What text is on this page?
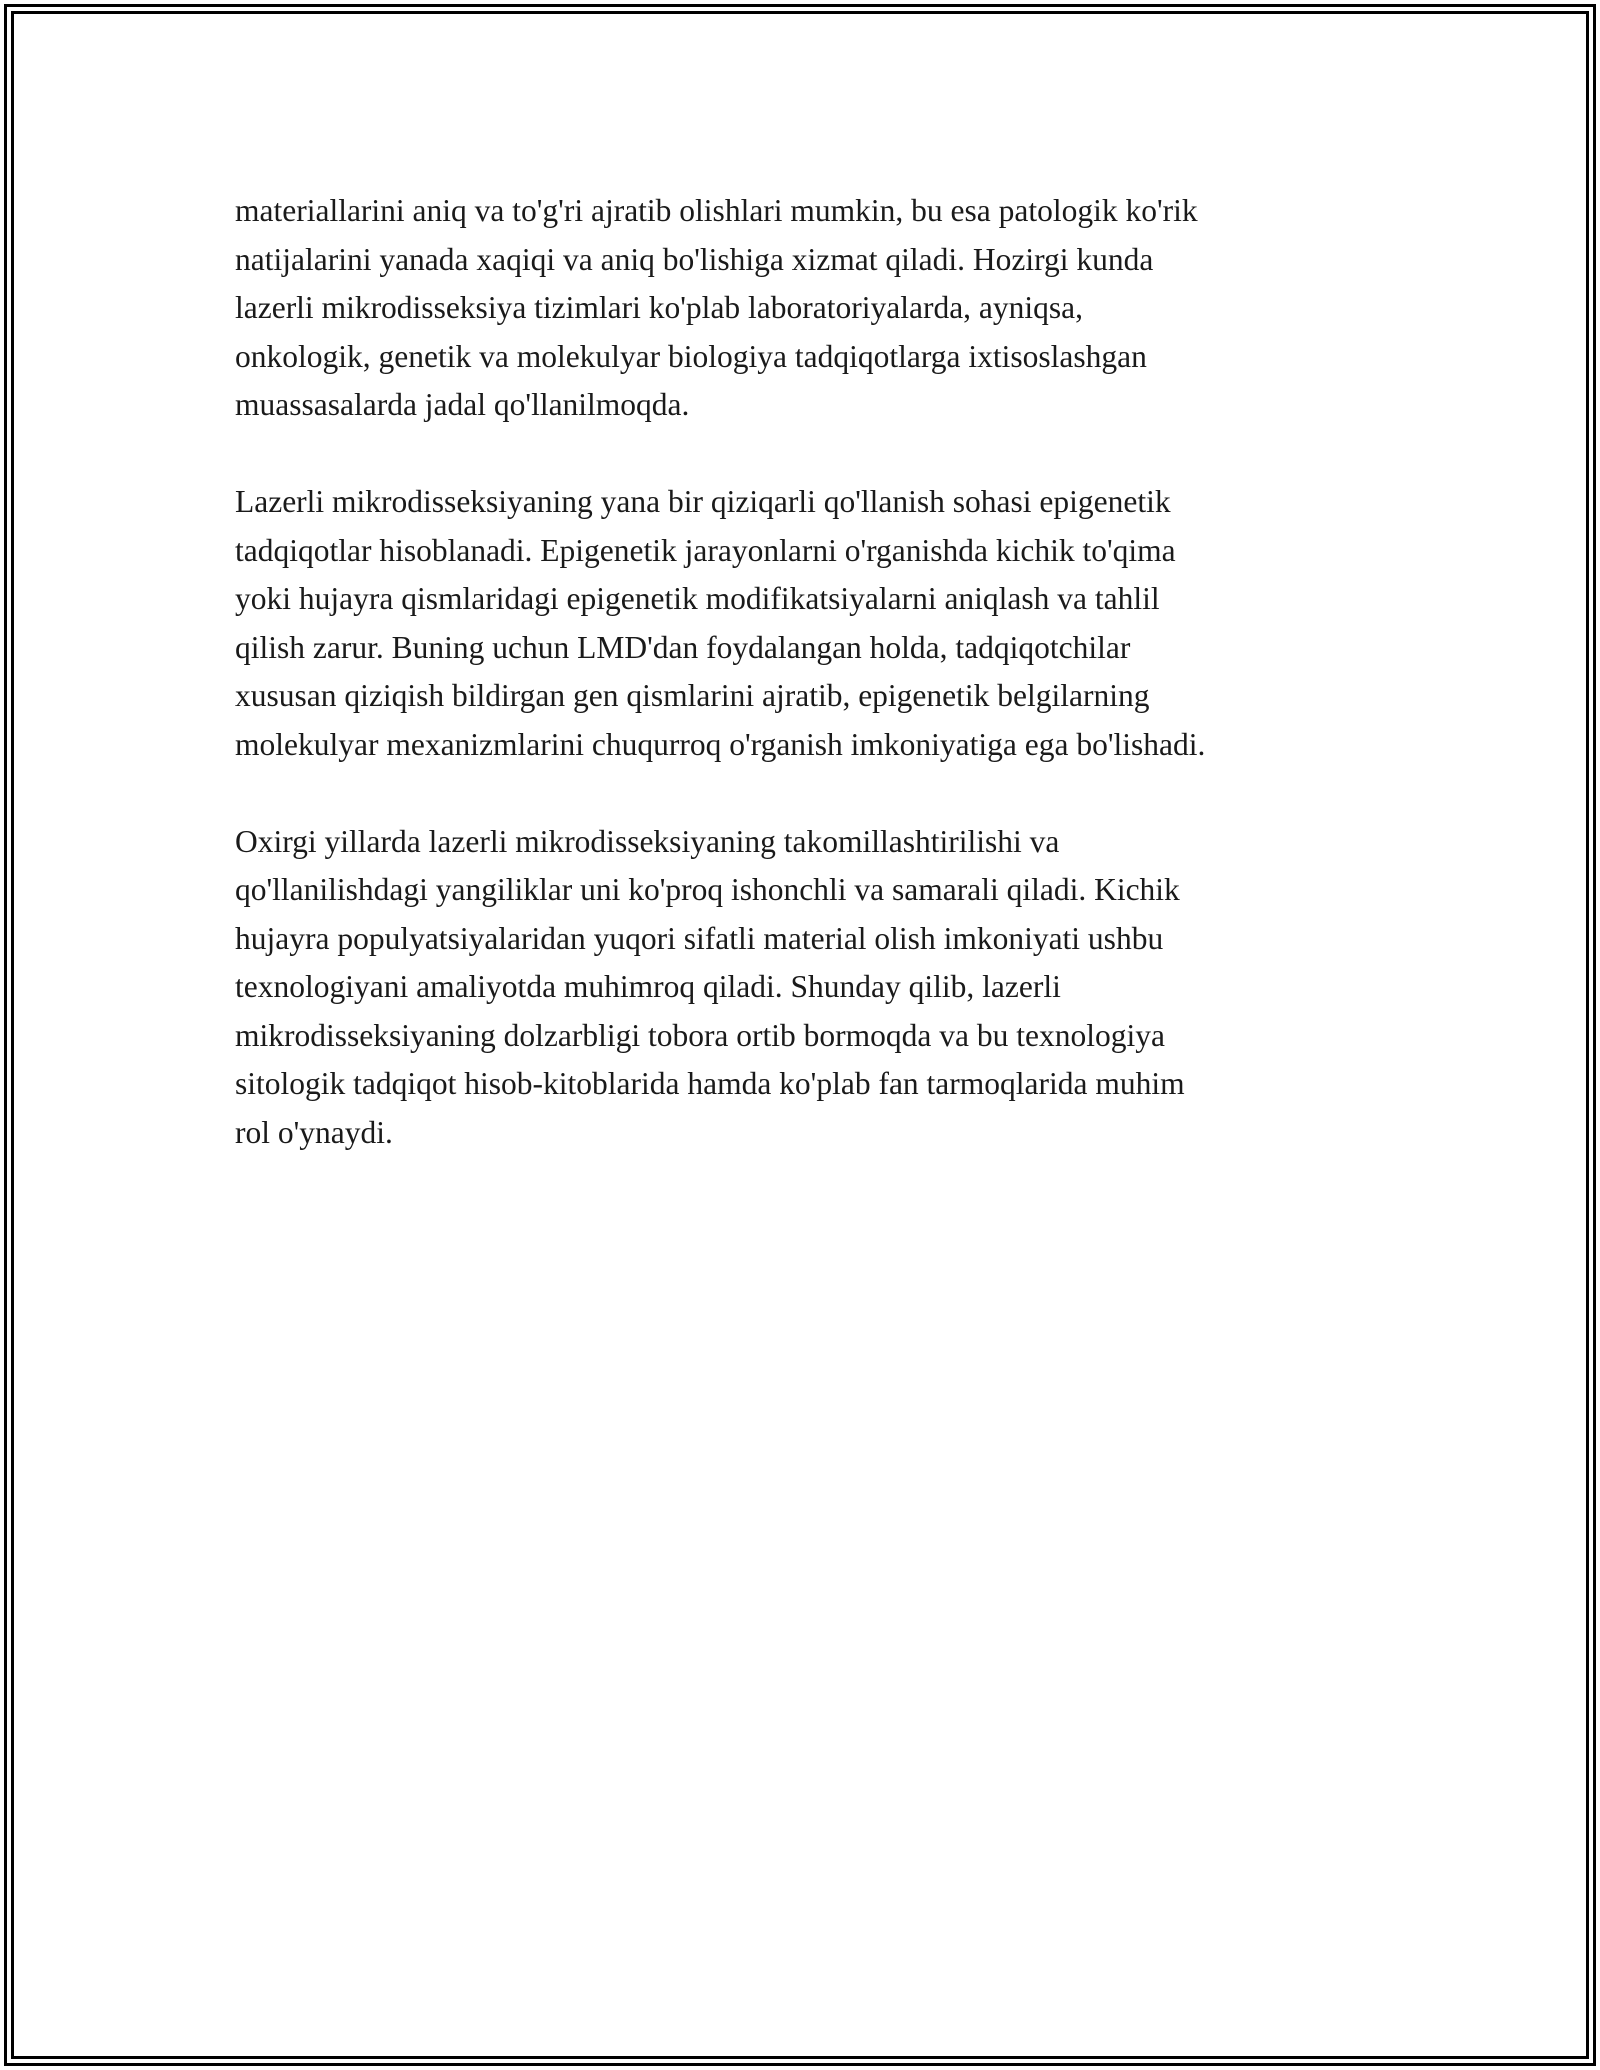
materiallarini aniq va to'g'ri ajratib olishlari mumkin, bu esa patologik ko'rik
natijalarini yanada xaqiqi va aniq bo'lishiga xizmat qiladi. Hozirgi kunda
lazerli mikrodisseksiya tizimlari ko'plab laboratoriyalarda, ayniqsa,
onkologik, genetik va molekulyar biologiya tadqiqotlarga ixtisoslashgan
muassasalarda jadal qo'llanilmoqda.

Lazerli mikrodisseksiyaning yana bir qiziqarli qo'llanish sohasi epigenetik
tadqiqotlar hisoblanadi. Epigenetik jarayonlarni o'rganishda kichik to'qima
yoki hujayra qismlaridagi epigenetik modifikatsiyalarni aniqlash va tahlil
qilish zarur. Buning uchun LMD'dan foydalangan holda, tadqiqotchilar
xususan qiziqish bildirgan gen qismlarini ajratib, epigenetik belgilarning
molekulyar mexanizmlarini chuqurroq o'rganish imkoniyatiga ega bo'lishadi.

Oxirgi yillarda lazerli mikrodisseksiyaning takomillashtirilishi va
qo'llanilishdagi yangiliklar uni ko'proq ishonchli va samarali qiladi. Kichik
hujayra populyatsiyalaridan yuqori sifatli material olish imkoniyati ushbu
texnologiyani amaliyotda muhimroq qiladi. Shunday qilib, lazerli
mikrodisseksiyaning dolzarbligi tobora ortib bormoqda va bu texnologiya
sitologik tadqiqot hisob-kitoblarida hamda ko'plab fan tarmoqlarida muhim
rol o'ynaydi.
